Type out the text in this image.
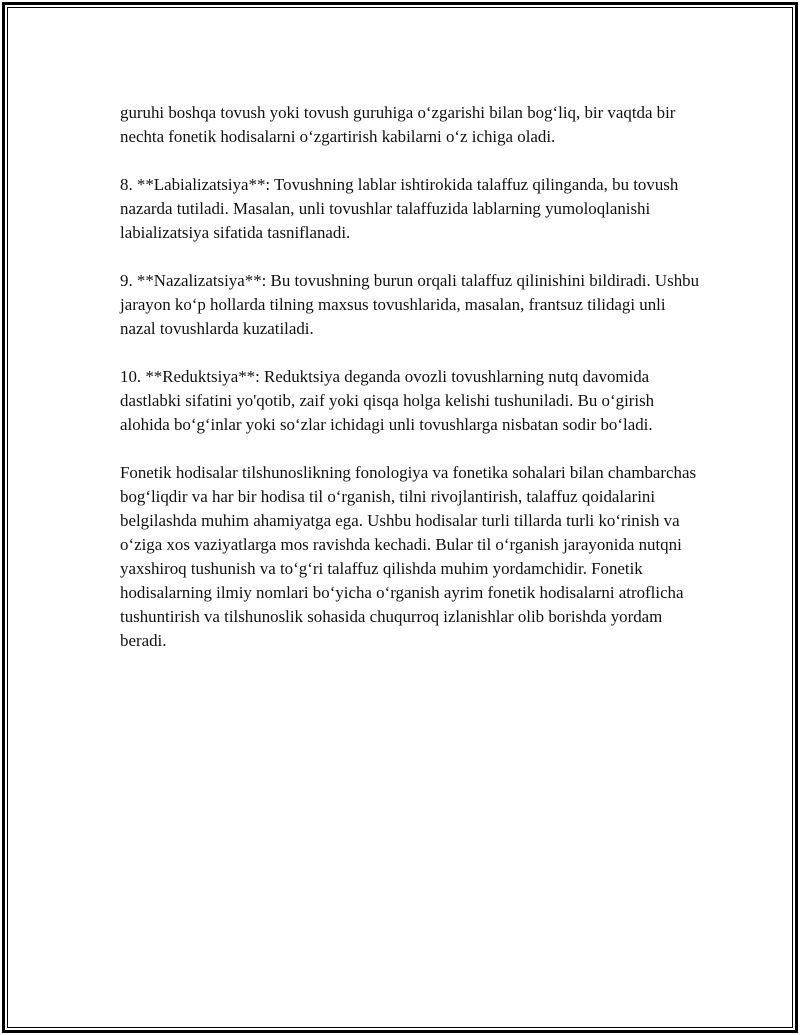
guruhi boshqa tovush yoki tovush guruhiga o‘zgarishi bilan bog‘liq, bir vaqtda bir nechta fonetik hodisalarni o‘zgartirish kabilarni o‘z ichiga oladi.

8. **Labializatsiya**: Tovushning lablar ishtirokida talaffuz qilinganda, bu tovush nazarda tutiladi. Masalan, unli tovushlar talaffuzida lablarning yumoloqlanishi labializatsiya sifatida tasniflanadi.

9. **Nazalizatsiya**: Bu tovushning burun orqali talaffuz qilinishini bildiradi. Ushbu jarayon ko‘p hollarda tilning maxsus tovushlarida, masalan, frantsuz tilidagi unli nazal tovushlarda kuzatiladi.

10. **Reduktsiya**: Reduktsiya deganda ovozli tovushlarning nutq davomida dastlabki sifatini yo'qotib, zaif yoki qisqa holga kelishi tushuniladi. Bu o‘girish alohida bo‘g‘inlar yoki so‘zlar ichidagi unli tovushlarga nisbatan sodir bo‘ladi.

Fonetik hodisalar tilshunoslikning fonologiya va fonetika sohalari bilan chambarchas bog‘liqdir va har bir hodisa til o‘rganish, tilni rivojlantirish, talaffuz qoidalarini belgilashda muhim ahamiyatga ega. Ushbu hodisalar turli tillarda turli ko‘rinish va o‘ziga xos vaziyatlarga mos ravishda kechadi. Bular til o‘rganish jarayonida nutqni yaxshiroq tushunish va to‘g‘ri talaffuz qilishda muhim yordamchidir. Fonetik hodisalarning ilmiy nomlari bo‘yicha o‘rganish ayrim fonetik hodisalarni atroflicha tushuntirish va tilshunoslik sohasida chuqurroq izlanishlar olib borishda yordam beradi.
